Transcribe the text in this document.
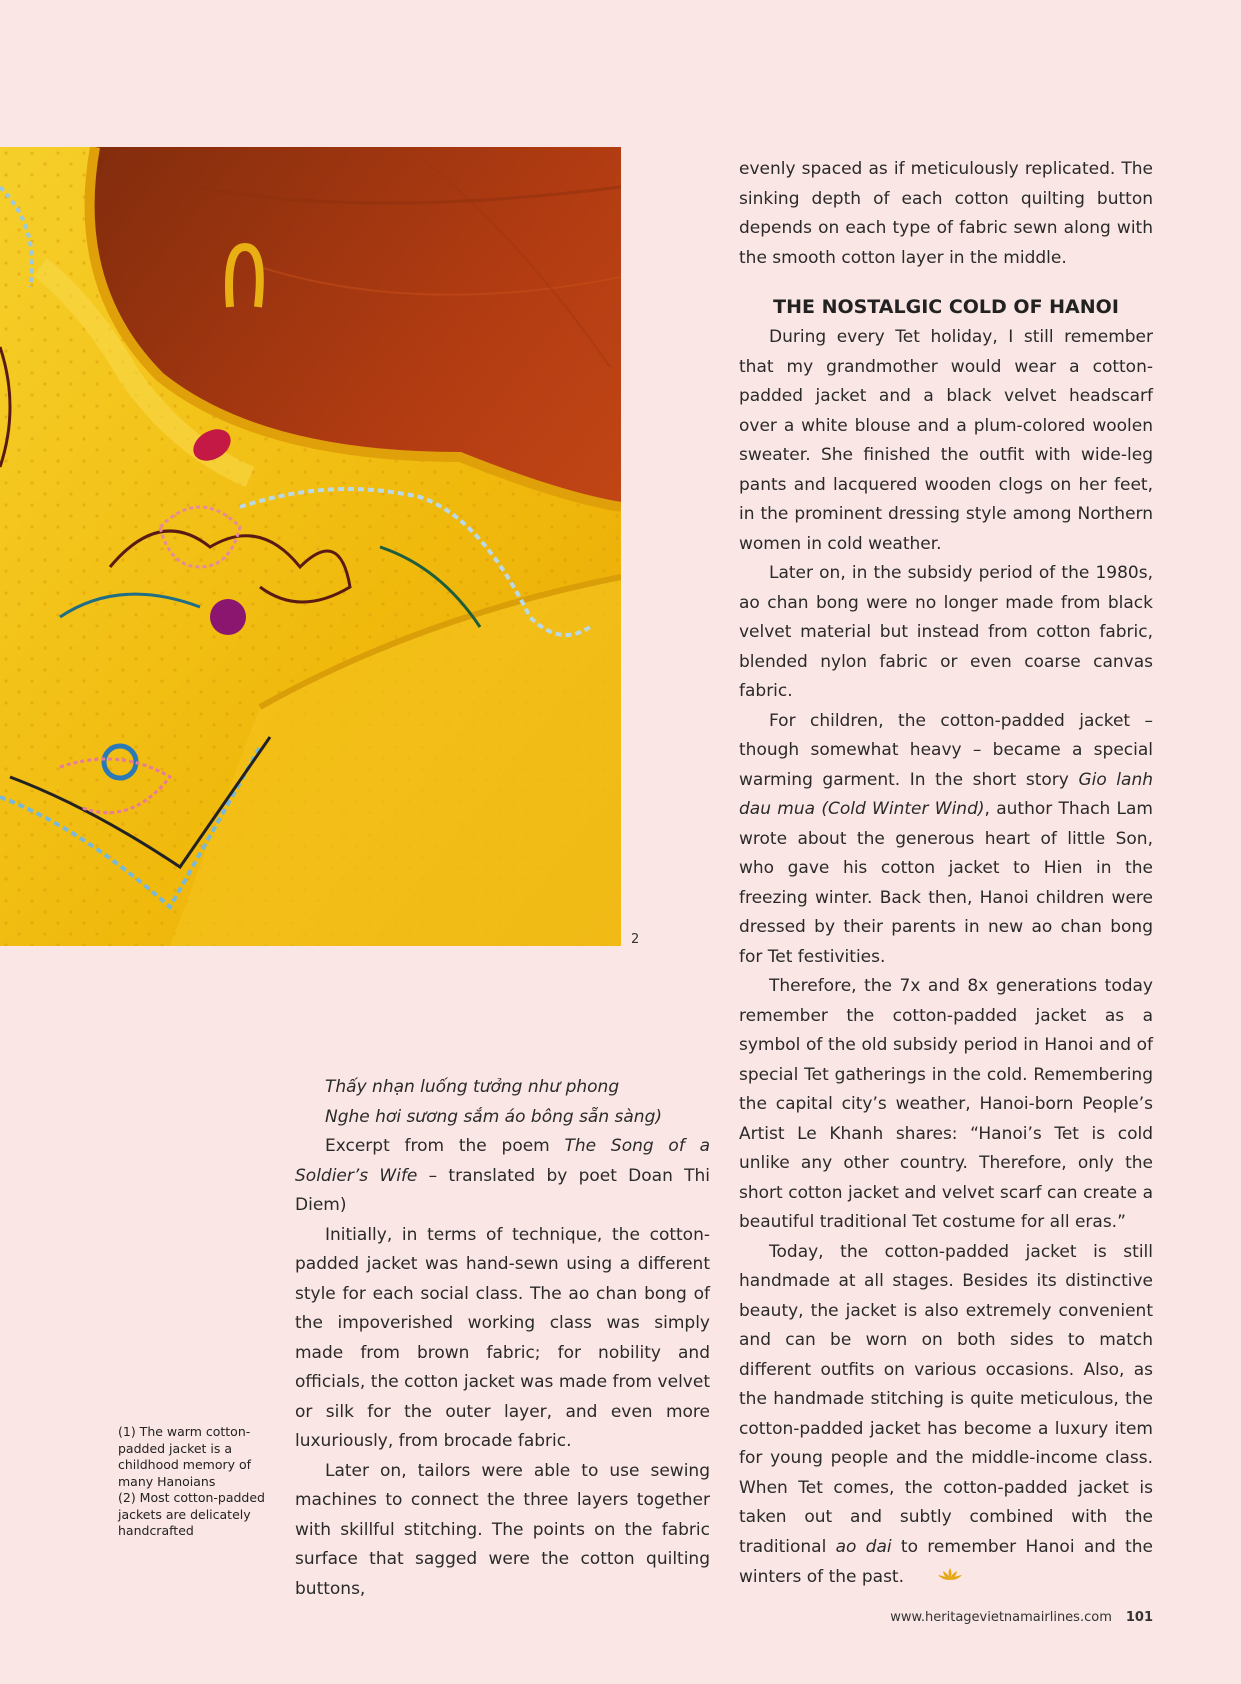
2

Thấy nhạn luống tưởng như phong

Nghe hơi sương sắm áo bông sẵn sàng)

Excerpt from the poem The Song of a Soldier’s Wife – translated by poet Doan Thi Diem)

Initially, in terms of technique, the cotton-padded jacket was hand-sewn using a different style for each social class. The ao chan bong of the impoverished working class was simply made from brown fabric; for nobility and officials, the cotton jacket was made from velvet or silk for the outer layer, and even more luxuriously, from brocade fabric.

Later on, tailors were able to use sewing machines to connect the three layers together with skillful stitching. The points on the fabric surface that sagged were the cotton quilting buttons,

evenly spaced as if meticulously replicated. The sinking depth of each cotton quilting button depends on each type of fabric sewn along with the smooth cotton layer in the middle.

THE NOSTALGIC COLD OF HANOI

During every Tet holiday, I still remember that my grandmother would wear a cotton-padded jacket and a black velvet headscarf over a white blouse and a plum-colored woolen sweater. She finished the outfit with wide-leg pants and lacquered wooden clogs on her feet, in the prominent dressing style among Northern women in cold weather.

Later on, in the subsidy period of the 1980s, ao chan bong were no longer made from black velvet material but instead from cotton fabric, blended nylon fabric or even coarse canvas fabric.

For children, the cotton-padded jacket – though somewhat heavy – became a special warming garment. In the short story Gio lanh dau mua (Cold Winter Wind), author Thach Lam wrote about the generous heart of little Son, who gave his cotton jacket to Hien in the freezing winter. Back then, Hanoi children were dressed by their parents in new ao chan bong for Tet festivities.

Therefore, the 7x and 8x generations today remember the cotton-padded jacket as a symbol of the old subsidy period in Hanoi and of special Tet gatherings in the cold. Remembering the capital city’s weather, Hanoi-born People’s Artist Le Khanh shares: “Hanoi’s Tet is cold unlike any other country. Therefore, only the short cotton jacket and velvet scarf can create a beautiful traditional Tet costume for all eras.”

Today, the cotton-padded jacket is still handmade at all stages. Besides its distinctive beauty, the jacket is also extremely convenient and can be worn on both sides to match different outfits on various occasions. Also, as the handmade stitching is quite meticulous, the cotton-padded jacket has become a luxury item for young people and the middle-income class. When Tet comes, the cotton-padded jacket is taken out and subtly combined with the traditional ao dai to remember Hanoi and the winters of the past.

(1) The warm cotton-padded jacket is a childhood memory of many Hanoians

(2) Most cotton-padded jackets are delicately handcrafted

www.heritagevietnamairlines.com 101
